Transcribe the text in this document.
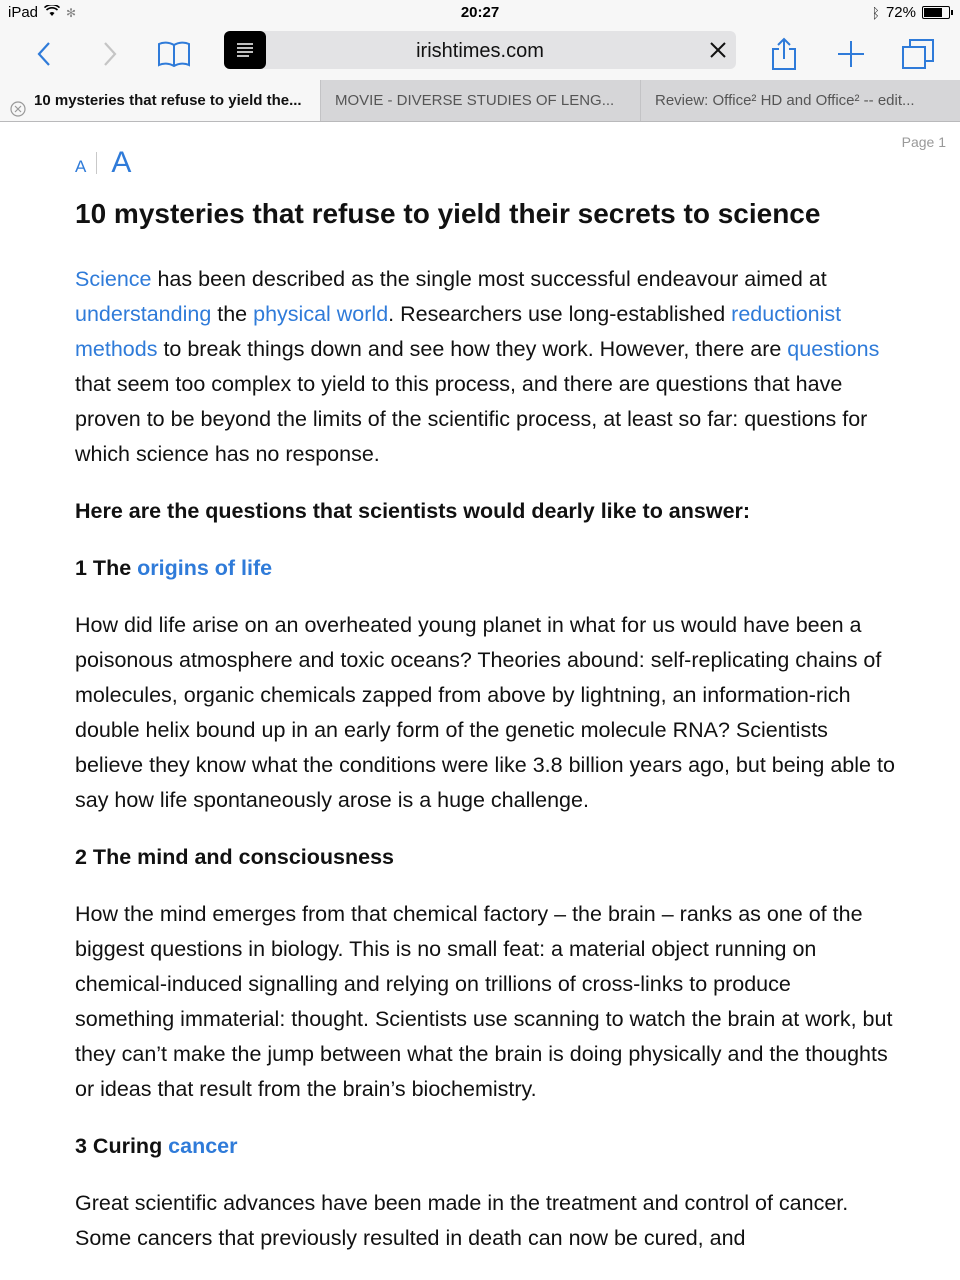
iPad ✻	20:27	ᛒ 72%
irishtimes.com
10 mysteries that refuse to yield the...	MOVIE - DIVERSE STUDIES OF LENG...	Review: Office² HD and Office² -- edit...
Page 1
A A
10 mysteries that refuse to yield their secrets to science

Science has been described as the single most successful endeavour aimed at understanding the physical world. Researchers use long-established reductionist methods to break things down and see how they work. However, there are questions that seem too complex to yield to this process, and there are questions that have proven to be beyond the limits of the scientific process, at least so far: questions for which science has no response.

Here are the questions that scientists would dearly like to answer:

1 The origins of life

How did life arise on an overheated young planet in what for us would have been a poisonous atmosphere and toxic oceans? Theories abound: self-replicating chains of molecules, organic chemicals zapped from above by lightning, an information-rich double helix bound up in an early form of the genetic molecule RNA? Scientists believe they know what the conditions were like 3.8 billion years ago, but being able to say how life spontaneously arose is a huge challenge.

2 The mind and consciousness

How the mind emerges from that chemical factory – the brain – ranks as one of the biggest questions in biology. This is no small feat: a material object running on chemical-induced signalling and relying on trillions of cross-links to produce something immaterial: thought. Scientists use scanning to watch the brain at work, but they can’t make the jump between what the brain is doing physically and the thoughts or ideas that result from the brain’s biochemistry.

3 Curing cancer

Great scientific advances have been made in the treatment and control of cancer. Some cancers that previously resulted in death can now be cured, and
